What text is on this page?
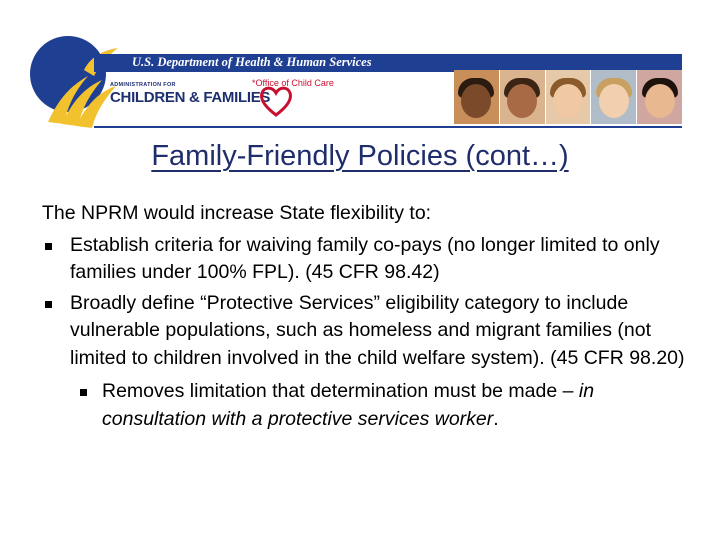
U.S. Department of Health & Human Services
ADMINISTRATION FOR
CHILDREN & FAMILIES
*Office of Child Care
Family-Friendly Policies (cont…)
The NPRM would increase State flexibility to:
Establish criteria for waiving family co-pays (no longer limited to only families under 100% FPL). (45 CFR 98.42)
Broadly define “Protective Services” eligibility category to include vulnerable populations, such as homeless and migrant families (not limited to children involved in the child welfare system). (45 CFR 98.20)
Removes limitation that determination must be made – in consultation with a protective services worker.
